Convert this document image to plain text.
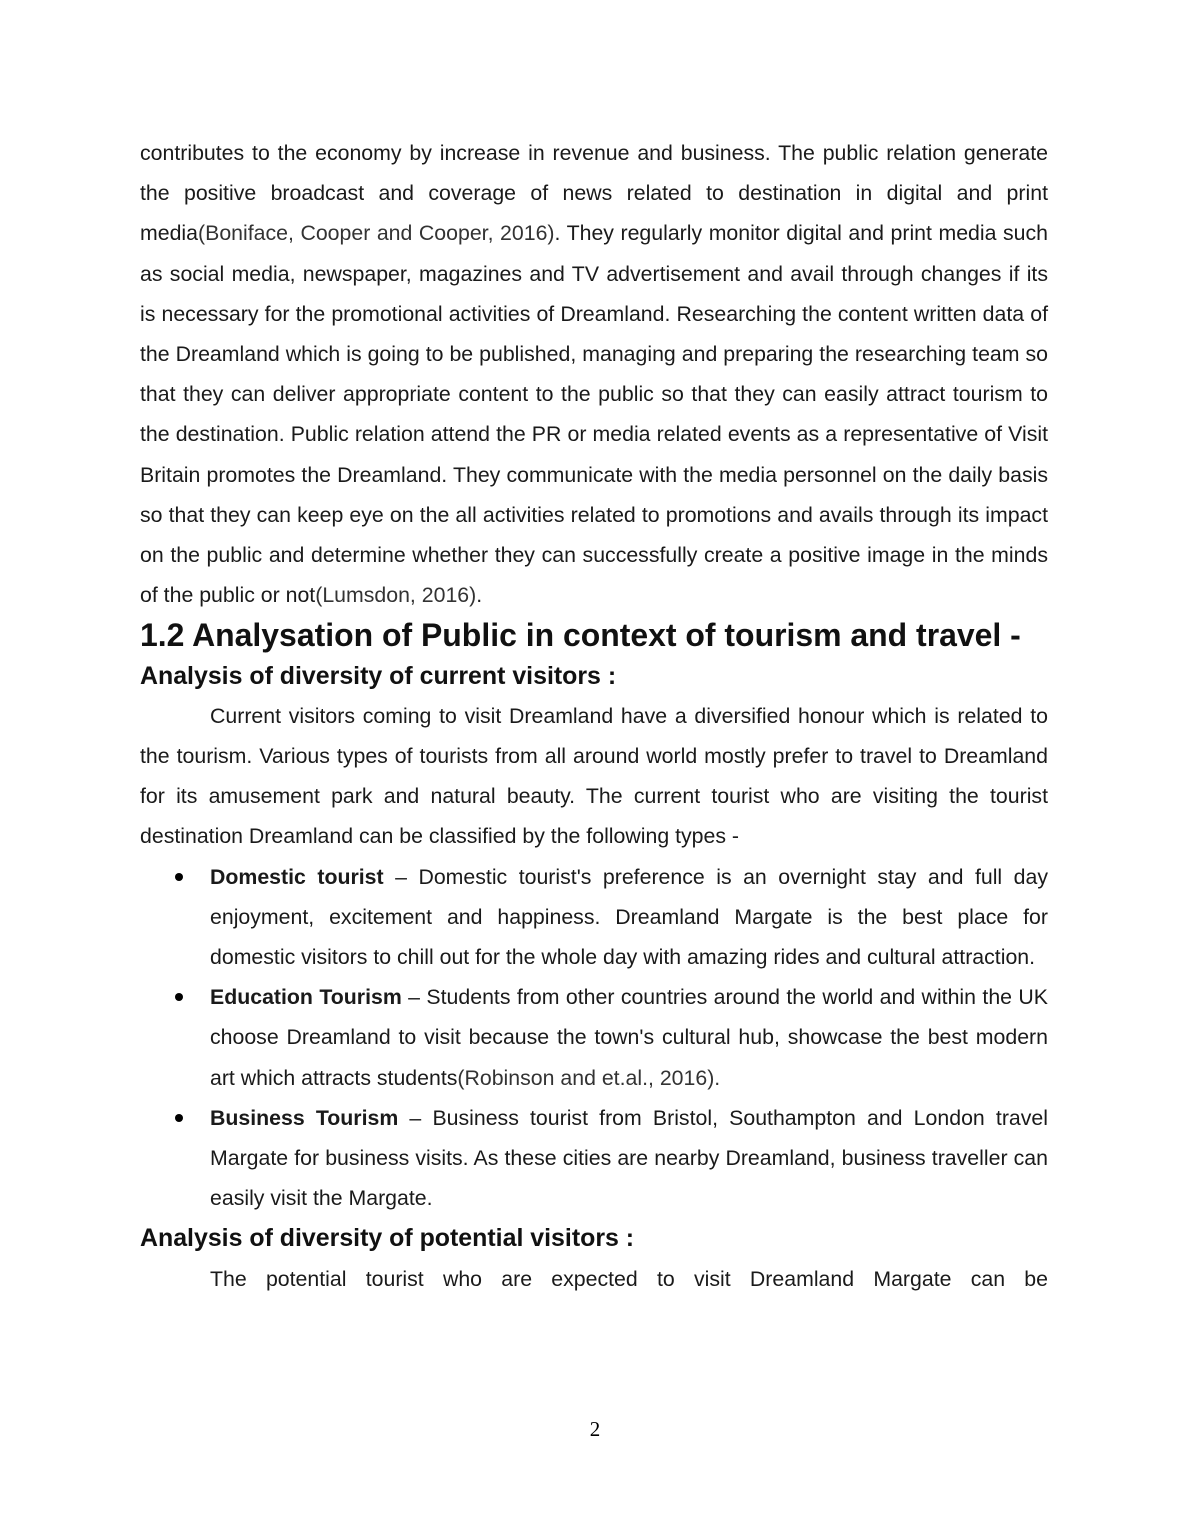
contributes to the economy by increase in revenue and business. The public relation generate the positive broadcast and coverage of news related to destination in digital and print media(Boniface, Cooper and Cooper, 2016). They regularly monitor digital and print media such as social media, newspaper, magazines and TV advertisement and avail through changes if its is necessary for the promotional activities of Dreamland. Researching the content written data of the Dreamland which is going to be published, managing and preparing the researching team so that they can deliver appropriate content to the public so that they can easily attract tourism to the destination. Public relation attend the PR or media related events as a representative of Visit Britain promotes the Dreamland. They communicate with the media personnel on the daily basis so that they can keep eye on the all activities related to promotions and avails through its impact on the public and determine whether they can successfully create a positive image in the minds of the public or not(Lumsdon, 2016).

1.2 Analysation of Public in context of tourism and travel -
Analysis of diversity of current visitors :

Current visitors coming to visit Dreamland have a diversified honour which is related to the tourism. Various types of tourists from all around world mostly prefer to travel to Dreamland for its amusement park and natural beauty. The current tourist who are visiting the tourist destination Dreamland can be classified by the following types -

Domestic tourist – Domestic tourist's preference is an overnight stay and full day enjoyment, excitement and happiness. Dreamland Margate is the best place for domestic visitors to chill out for the whole day with amazing rides and cultural attraction.
Education Tourism – Students from other countries around the world and within the UK choose Dreamland to visit because the town's cultural hub, showcase the best modern art which attracts students(Robinson and et.al., 2016).
Business Tourism – Business tourist from Bristol, Southampton and London travel Margate for business visits. As these cities are nearby Dreamland, business traveller can easily visit the Margate.
Analysis of diversity of potential visitors :

The potential tourist who are expected to visit Dreamland Margate can be

2
